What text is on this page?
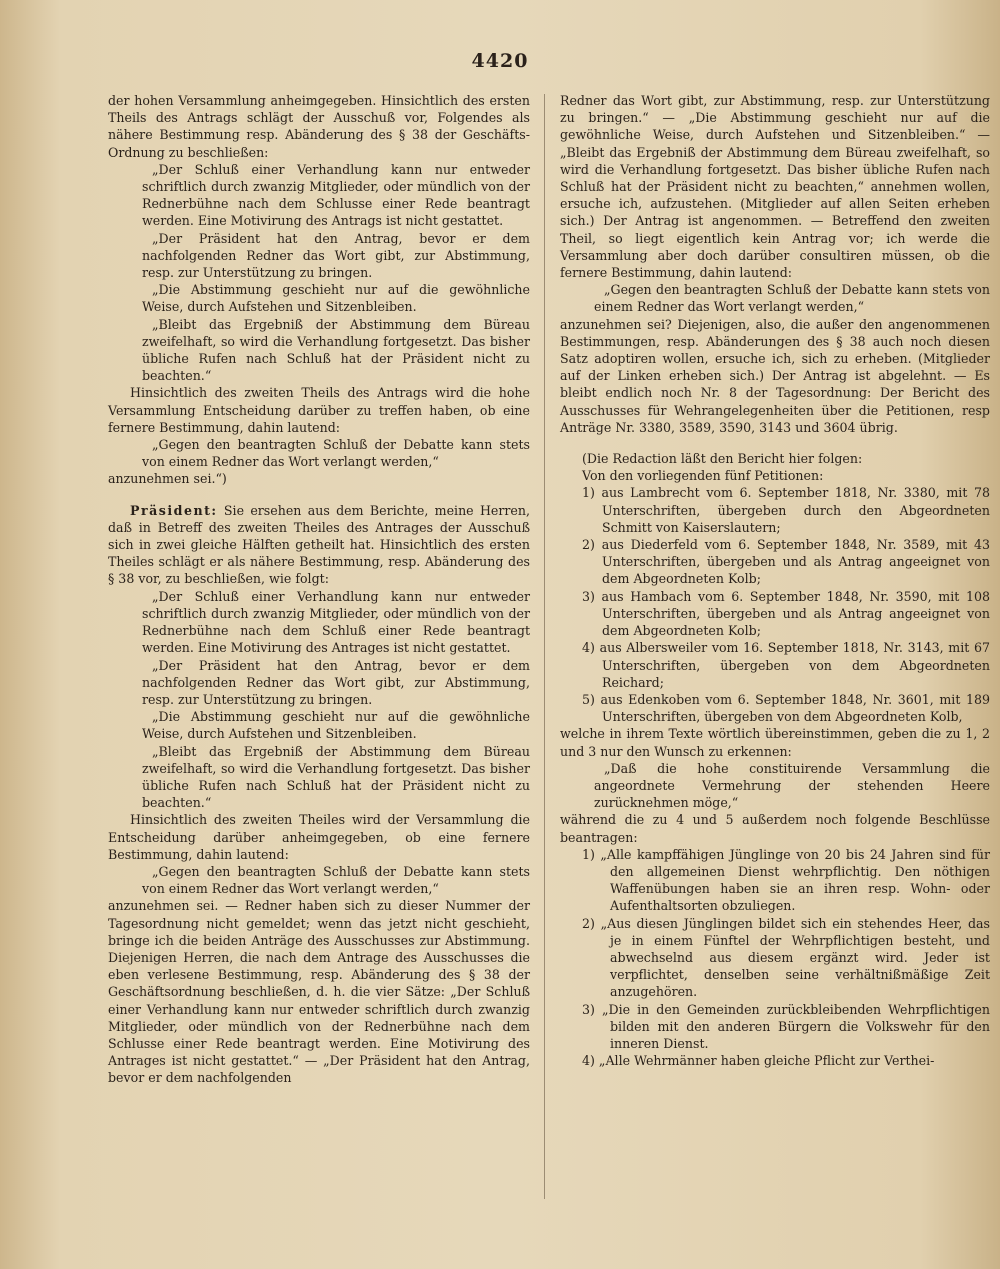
4420

der hohen Versammlung anheimgegeben. Hinsichtlich des ersten Theils des Antrags schlägt der Ausschuß vor, Folgendes als nähere Bestimmung resp. Abänderung des § 38 der Geschäfts-Ordnung zu beschließen:

„Der Schluß einer Verhandlung kann nur entweder schriftlich durch zwanzig Mitglieder, oder mündlich von der Rednerbühne nach dem Schlusse einer Rede beantragt werden. Eine Motivirung des Antrags ist nicht gestattet.

„Der Präsident hat den Antrag, bevor er dem nachfolgenden Redner das Wort gibt, zur Abstimmung, resp. zur Unterstützung zu bringen.

„Die Abstimmung geschieht nur auf die gewöhnliche Weise, durch Aufstehen und Sitzenbleiben.

„Bleibt das Ergebniß der Abstimmung dem Büreau zweifelhaft, so wird die Verhandlung fortgesetzt. Das bisher übliche Rufen nach Schluß hat der Präsident nicht zu beachten.“

Hinsichtlich des zweiten Theils des Antrags wird die hohe Versammlung Entscheidung darüber zu treffen haben, ob eine fernere Bestimmung, dahin lautend:

„Gegen den beantragten Schluß der Debatte kann stets von einem Redner das Wort verlangt werden,“

anzunehmen sei.“)

Präsident: Sie ersehen aus dem Berichte, meine Herren, daß in Betreff des zweiten Theiles des Antrages der Ausschuß sich in zwei gleiche Hälften getheilt hat. Hinsichtlich des ersten Theiles schlägt er als nähere Bestimmung, resp. Abänderung des § 38 vor, zu beschließen, wie folgt:

„Der Schluß einer Verhandlung kann nur entweder schriftlich durch zwanzig Mitglieder, oder mündlich von der Rednerbühne nach dem Schluß einer Rede beantragt werden. Eine Motivirung des Antrages ist nicht gestattet.

„Der Präsident hat den Antrag, bevor er dem nachfolgenden Redner das Wort gibt, zur Abstimmung, resp. zur Unterstützung zu bringen.

„Die Abstimmung geschieht nur auf die gewöhnliche Weise, durch Aufstehen und Sitzenbleiben.

„Bleibt das Ergebniß der Abstimmung dem Büreau zweifelhaft, so wird die Verhandlung fortgesetzt. Das bisher übliche Rufen nach Schluß hat der Präsident nicht zu beachten.“

Hinsichtlich des zweiten Theiles wird der Versammlung die Entscheidung darüber anheimgegeben, ob eine fernere Bestimmung, dahin lautend:

„Gegen den beantragten Schluß der Debatte kann stets von einem Redner das Wort verlangt werden,“

anzunehmen sei. — Redner haben sich zu dieser Nummer der Tagesordnung nicht gemeldet; wenn das jetzt nicht geschieht, bringe ich die beiden Anträge des Ausschusses zur Abstimmung. Diejenigen Herren, die nach dem Antrage des Ausschusses die eben verlesene Bestimmung, resp. Abänderung des § 38 der Geschäftsordnung beschließen, d. h. die vier Sätze: „Der Schluß einer Verhandlung kann nur entweder schriftlich durch zwanzig Mitglieder, oder mündlich von der Rednerbühne nach dem Schlusse einer Rede beantragt werden. Eine Motivirung des Antrages ist nicht gestattet.“ — „Der Präsident hat den Antrag, bevor er dem nachfolgenden

Redner das Wort gibt, zur Abstimmung, resp. zur Unterstützung zu bringen.“ — „Die Abstimmung geschieht nur auf die gewöhnliche Weise, durch Aufstehen und Sitzenbleiben.“ — „Bleibt das Ergebniß der Abstimmung dem Büreau zweifelhaft, so wird die Verhandlung fortgesetzt. Das bisher übliche Rufen nach Schluß hat der Präsident nicht zu beachten,“ annehmen wollen, ersuche ich, aufzustehen. (Mitglieder auf allen Seiten erheben sich.) Der Antrag ist angenommen. — Betreffend den zweiten Theil, so liegt eigentlich kein Antrag vor; ich werde die Versammlung aber doch darüber consultiren müssen, ob die fernere Bestimmung, dahin lautend:

„Gegen den beantragten Schluß der Debatte kann stets von einem Redner das Wort verlangt werden,“

anzunehmen sei? Diejenigen, also, die außer den angenommenen Bestimmungen, resp. Abänderungen des § 38 auch noch diesen Satz adoptiren wollen, ersuche ich, sich zu erheben. (Mitglieder auf der Linken erheben sich.) Der Antrag ist abgelehnt. — Es bleibt endlich noch Nr. 8 der Tagesordnung: Der Bericht des Ausschusses für Wehrangelegenheiten über die Petitionen, resp Anträge Nr. 3380, 3589, 3590, 3143 und 3604 übrig.

(Die Redaction läßt den Bericht hier folgen:

Von den vorliegenden fünf Petitionen:

1) aus Lambrecht vom 6. September 1818, Nr. 3380, mit 78 Unterschriften, übergeben durch den Abgeordneten Schmitt von Kaiserslautern;

2) aus Diederfeld vom 6. September 1848, Nr. 3589, mit 43 Unterschriften, übergeben und als Antrag angeeignet von dem Abgeordneten Kolb;

3) aus Hambach vom 6. September 1848, Nr. 3590, mit 108 Unterschriften, übergeben und als Antrag angeeignet von dem Abgeordneten Kolb;

4) aus Albersweiler vom 16. September 1818, Nr. 3143, mit 67 Unterschriften, übergeben von dem Abgeordneten Reichard;

5) aus Edenkoben vom 6. September 1848, Nr. 3601, mit 189 Unterschriften, übergeben von dem Abgeordneten Kolb,

welche in ihrem Texte wörtlich übereinstimmen, geben die zu 1, 2 und 3 nur den Wunsch zu erkennen:

„Daß die hohe constituirende Versammlung die angeordnete Vermehrung der stehenden Heere zurücknehmen möge,“

während die zu 4 und 5 außerdem noch folgende Beschlüsse beantragen:

1) „Alle kampffähigen Jünglinge von 20 bis 24 Jahren sind für den allgemeinen Dienst wehrpflichtig. Den nöthigen Waffenübungen haben sie an ihren resp. Wohn- oder Aufenthaltsorten obzuliegen.

2) „Aus diesen Jünglingen bildet sich ein stehendes Heer, das je in einem Fünftel der Wehrpflichtigen besteht, und abwechselnd aus diesem ergänzt wird. Jeder ist verpflichtet, denselben seine verhältnißmäßige Zeit anzugehören.

3) „Die in den Gemeinden zurückbleibenden Wehrpflichtigen bilden mit den anderen Bürgern die Volkswehr für den inneren Dienst.

4) „Alle Wehrmänner haben gleiche Pflicht zur Verthei-
